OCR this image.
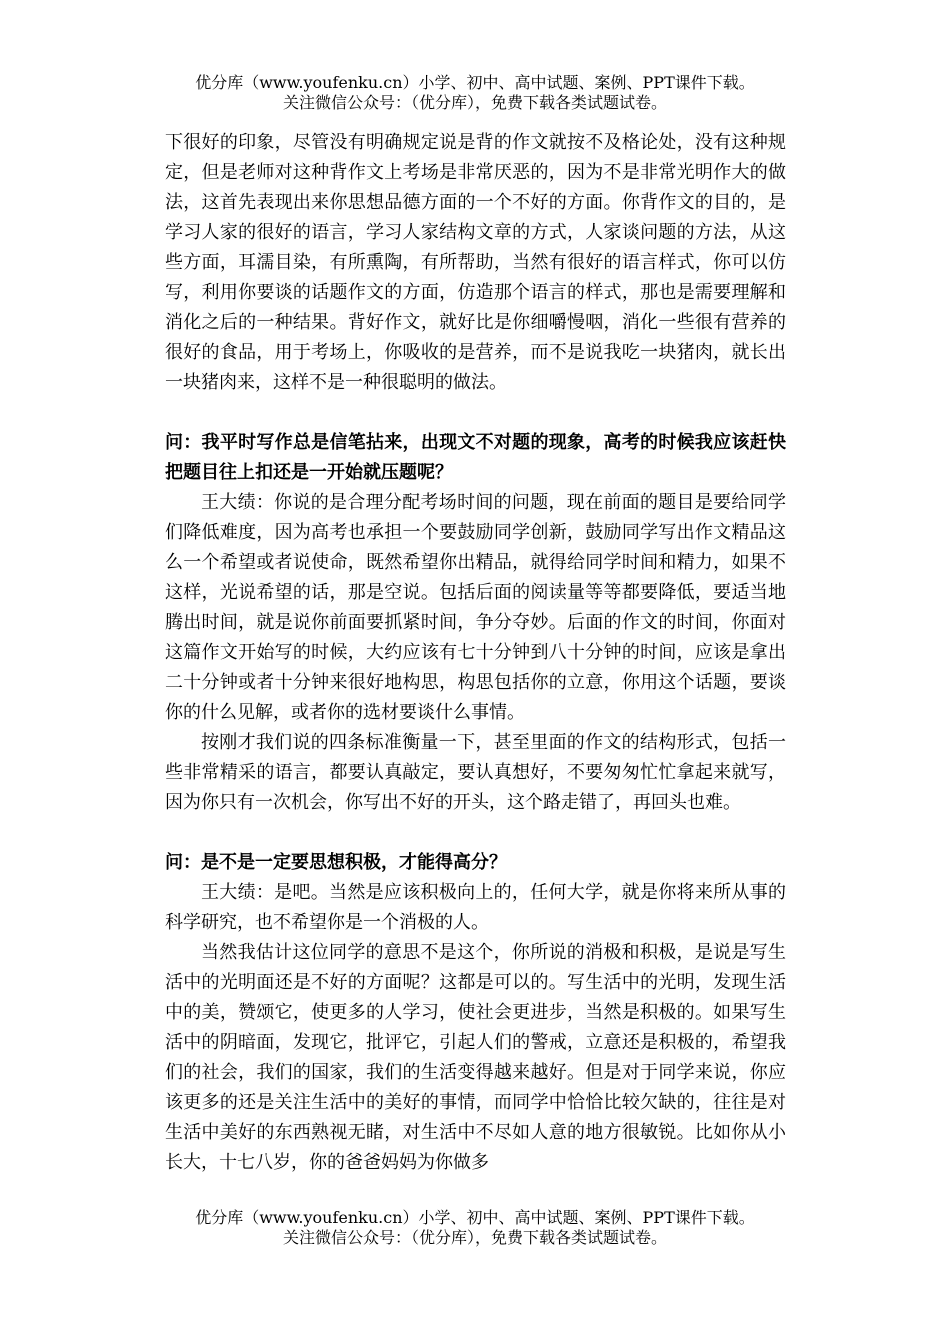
优分库（www.youfenku.cn）小学、初中、高中试题、案例、PPT课件下载。
关注微信公众号：（优分库），免费下载各类试题试卷。

下很好的印象，尽管没有明确规定说是背的作文就按不及格论处，没有这种规定，但是老师对这种背作文上考场是非常厌恶的，因为不是非常光明作大的做法，这首先表现出来你思想品德方面的一个不好的方面。你背作文的目的，是学习人家的很好的语言，学习人家结构文章的方式，人家谈问题的方法，从这些方面，耳濡目染，有所熏陶，有所帮助，当然有很好的语言样式，你可以仿写，利用你要谈的话题作文的方面，仿造那个语言的样式，那也是需要理解和消化之后的一种结果。背好作文，就好比是你细嚼慢咽，消化一些很有营养的很好的食品，用于考场上，你吸收的是营养，而不是说我吃一块猪肉，就长出一块猪肉来，这样不是一种很聪明的做法。

问：我平时写作总是信笔拈来，出现文不对题的现象，高考的时候我应该赶快把题目往上扣还是一开始就压题呢？

王大绩：你说的是合理分配考场时间的问题，现在前面的题目是要给同学们降低难度，因为高考也承担一个要鼓励同学创新，鼓励同学写出作文精品这么一个希望或者说使命，既然希望你出精品，就得给同学时间和精力，如果不这样，光说希望的话，那是空说。包括后面的阅读量等等都要降低，要适当地腾出时间，就是说你前面要抓紧时间，争分夺妙。后面的作文的时间，你面对这篇作文开始写的时候，大约应该有七十分钟到八十分钟的时间，应该是拿出二十分钟或者十分钟来很好地构思，构思包括你的立意，你用这个话题，要谈你的什么见解，或者你的选材要谈什么事情。

按刚才我们说的四条标准衡量一下，甚至里面的作文的结构形式，包括一些非常精采的语言，都要认真敲定，要认真想好，不要匆匆忙忙拿起来就写，因为你只有一次机会，你写出不好的开头，这个路走错了，再回头也难。

问：是不是一定要思想积极，才能得高分？

王大绩：是吧。当然是应该积极向上的，任何大学，就是你将来所从事的科学研究，也不希望你是一个消极的人。

当然我估计这位同学的意思不是这个，你所说的消极和积极，是说是写生活中的光明面还是不好的方面呢？这都是可以的。写生活中的光明，发现生活中的美，赞颂它，使更多的人学习，使社会更进步，当然是积极的。如果写生活中的阴暗面，发现它，批评它，引起人们的警戒，立意还是积极的，希望我们的社会，我们的国家，我们的生活变得越来越好。但是对于同学来说，你应该更多的还是关注生活中的美好的事情，而同学中恰恰比较欠缺的，往往是对生活中美好的东西熟视无睹，对生活中不尽如人意的地方很敏锐。比如你从小长大，十七八岁，你的爸爸妈妈为你做多

优分库（www.youfenku.cn）小学、初中、高中试题、案例、PPT课件下载。
关注微信公众号：（优分库），免费下载各类试题试卷。
